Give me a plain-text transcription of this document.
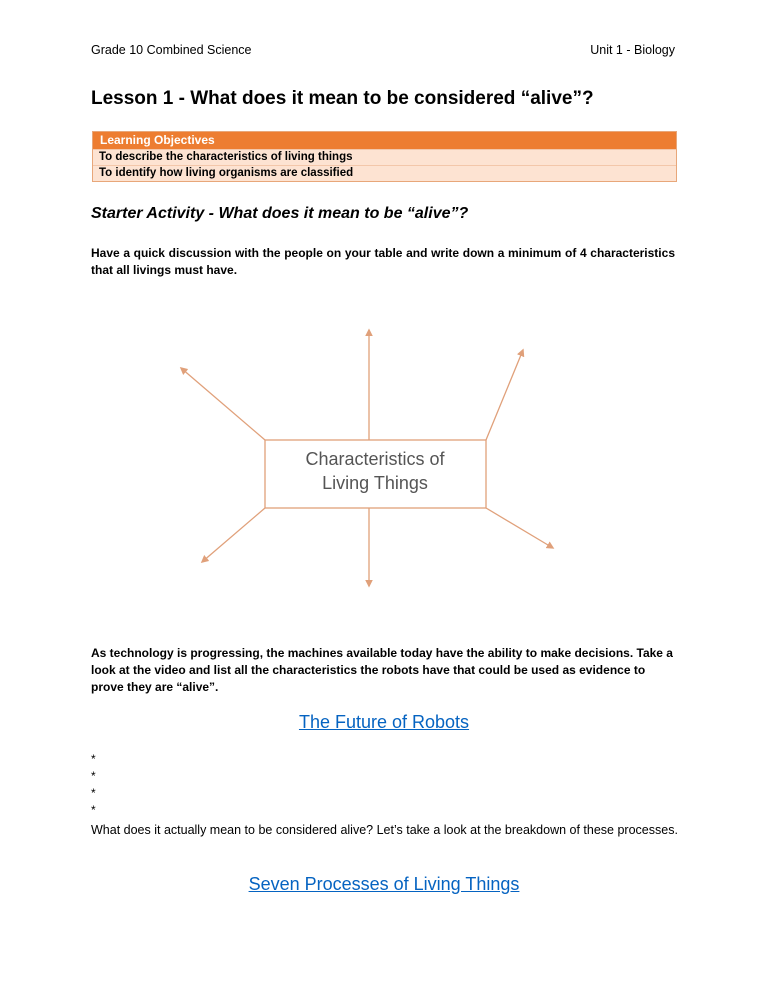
Grade 10 Combined Science	Unit 1 - Biology
Lesson 1 - What does it mean to be considered “alive”?
Learning Objectives
To describe the characteristics of living things
To identify how living organisms are classified
Starter Activity - What does it mean to be “alive”?
Have a quick discussion with the people on your table and write down a minimum of 4 characteristics that all livings must have.
Characteristics of
Living Things
As technology is progressing, the machines available today have the ability to make decisions. Take a look at the video and list all the characteristics the robots have that could be used as evidence to prove they are “alive”.
The Future of Robots
*
*
*
*
What does it actually mean to be considered alive? Let’s take a look at the breakdown of these processes.
Seven Processes of Living Things
